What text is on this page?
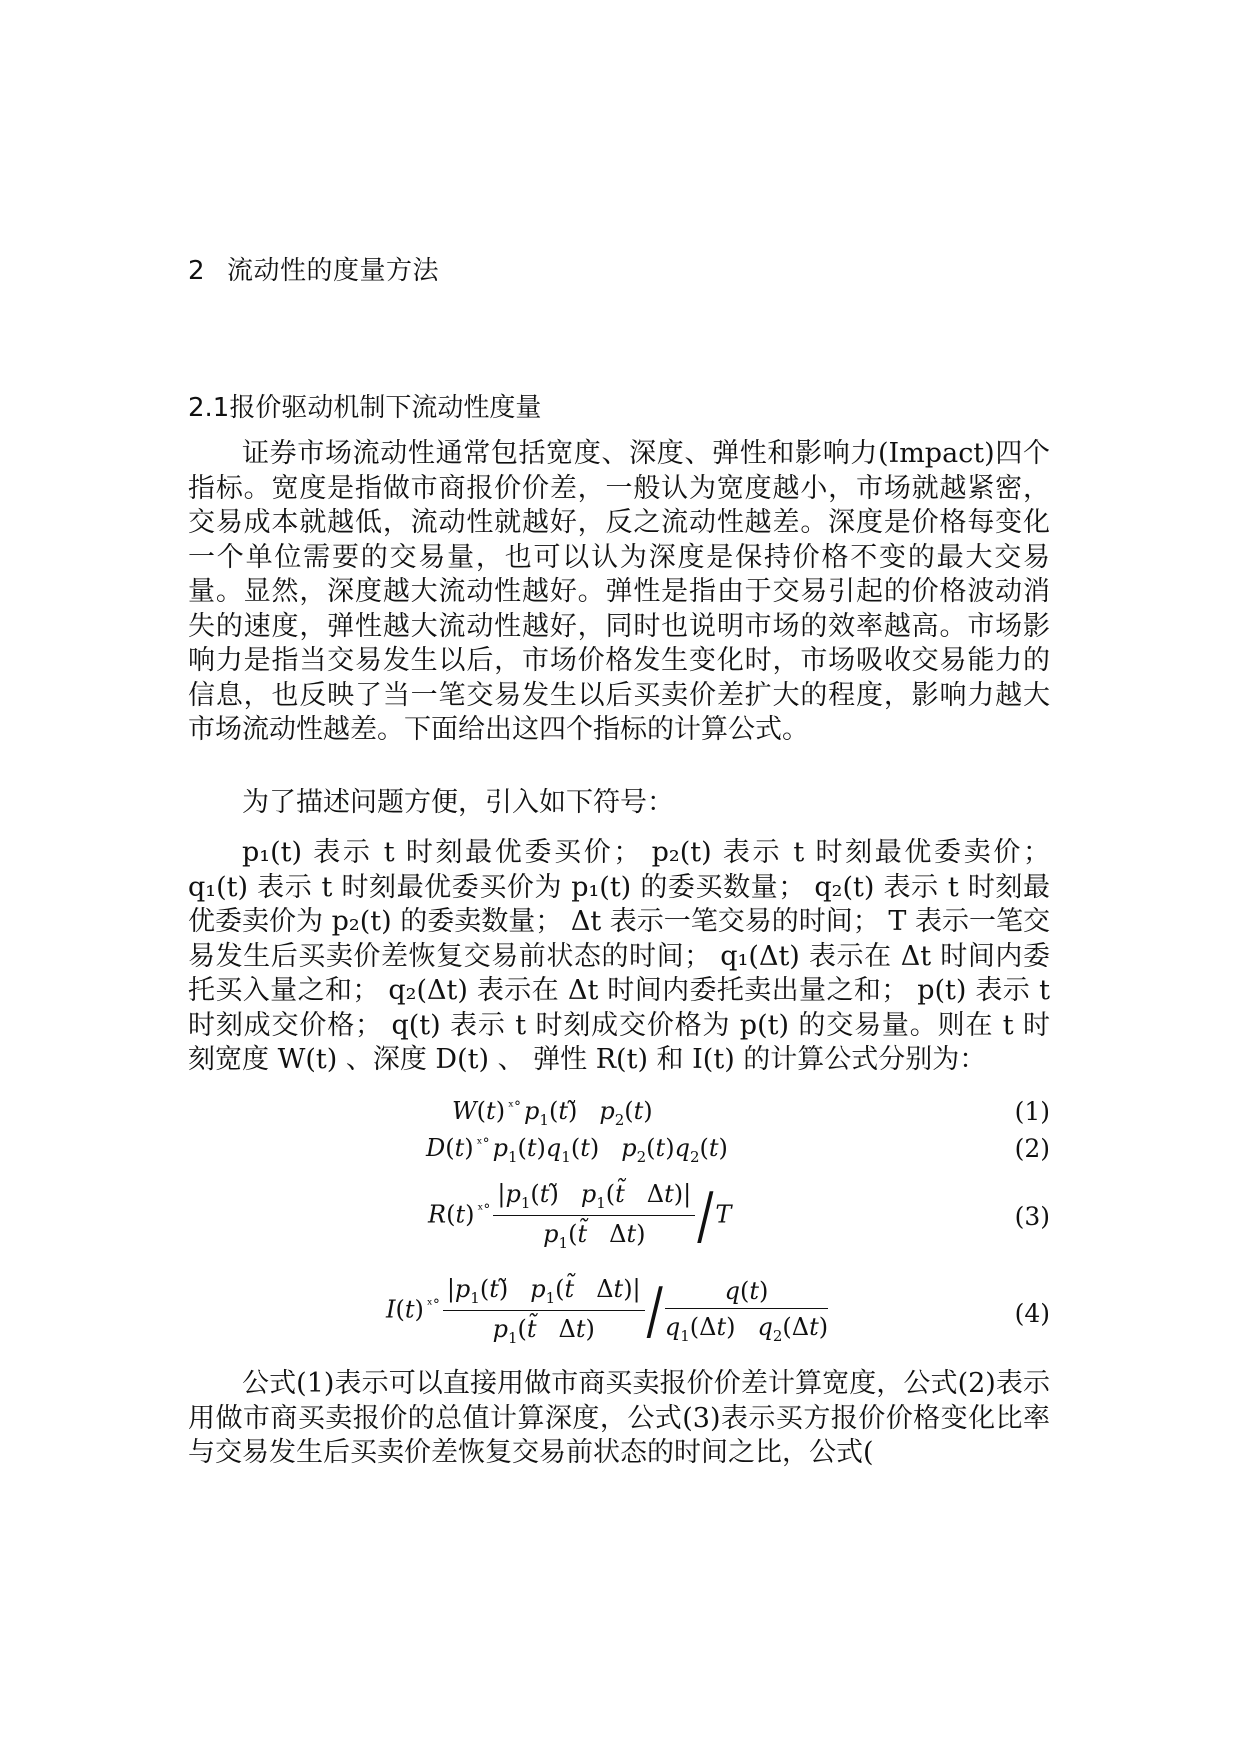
2 流动性的度量方法
2.1报价驱动机制下流动性度量

证券市场流动性通常包括宽度、深度、弹性和影响力(Impact)四个指标。宽度是指做市商报价价差，一般认为宽度越小，市场就越紧密，交易成本就越低，流动性就越好，反之流动性越差。深度是价格每变化一个单位需要的交易量，也可以认为深度是保持价格不变的最大交易量。显然，深度越大流动性越好。弹性是指由于交易引起的价格波动消失的速度，弹性越大流动性越好，同时也说明市场的效率越高。市场影响力是指当交易发生以后，市场价格发生变化时，市场吸收交易能力的信息，也反映了当一笔交易发生以后买卖价差扩大的程度，影响力越大市场流动性越差。下面给出这四个指标的计算公式。

为了描述问题方便，引入如下符号：

p₁(t) 表示 t 时刻最优委买价； p₂(t) 表示 t 时刻最优委卖价； q₁(t) 表示 t 时刻最优委买价为 p₁(t) 的委买数量； q₂(t) 表示 t 时刻最优委卖价为 p₂(t) 的委卖数量； Δt 表示一笔交易的时间； T 表示一笔交易发生后买卖价差恢复交易前状态的时间； q₁(Δt) 表示在 Δt 时间内委托买入量之和； q₂(Δt) 表示在 Δt 时间内委托卖出量之和； p(t) 表示 t 时刻成交价格； q(t) 表示 t 时刻成交价格为 p(t) 的交易量。则在 t 时刻宽度 W(t) 、深度 D(t) 、 弹性 R(t) 和 I(t) 的计算公式分别为：

W(t) $^{ˣ^\circ}$ $p_1(t)̃$ $p_2(t)$	(1)
D(t) $^{ˣ^\circ}$ $p_1(t)q_1(t)$ $p_2(t)q_2(t)$	(2)
R(t) $^{ˣ^\circ} \frac{|p_1(t)̃ p_1(t̃ \Delta t)|}{p_1(t̃ \Delta t)} /T$	(3)
I(t) $^{ˣ^\circ} \frac{|p_1(t)̃ p_1(t̃ \Delta t)|}{p_1(t̃ \Delta t)} / \frac{q(t)}{q_1(\Delta t) q_2(\Delta t)}$	(4)

公式(1)表示可以直接用做市商买卖报价价差计算宽度，公式(2)表示用做市商买卖报价的总值计算深度，公式(3)表示买方报价价格变化比率与交易发生后买卖价差恢复交易前状态的时间之比，公式(
